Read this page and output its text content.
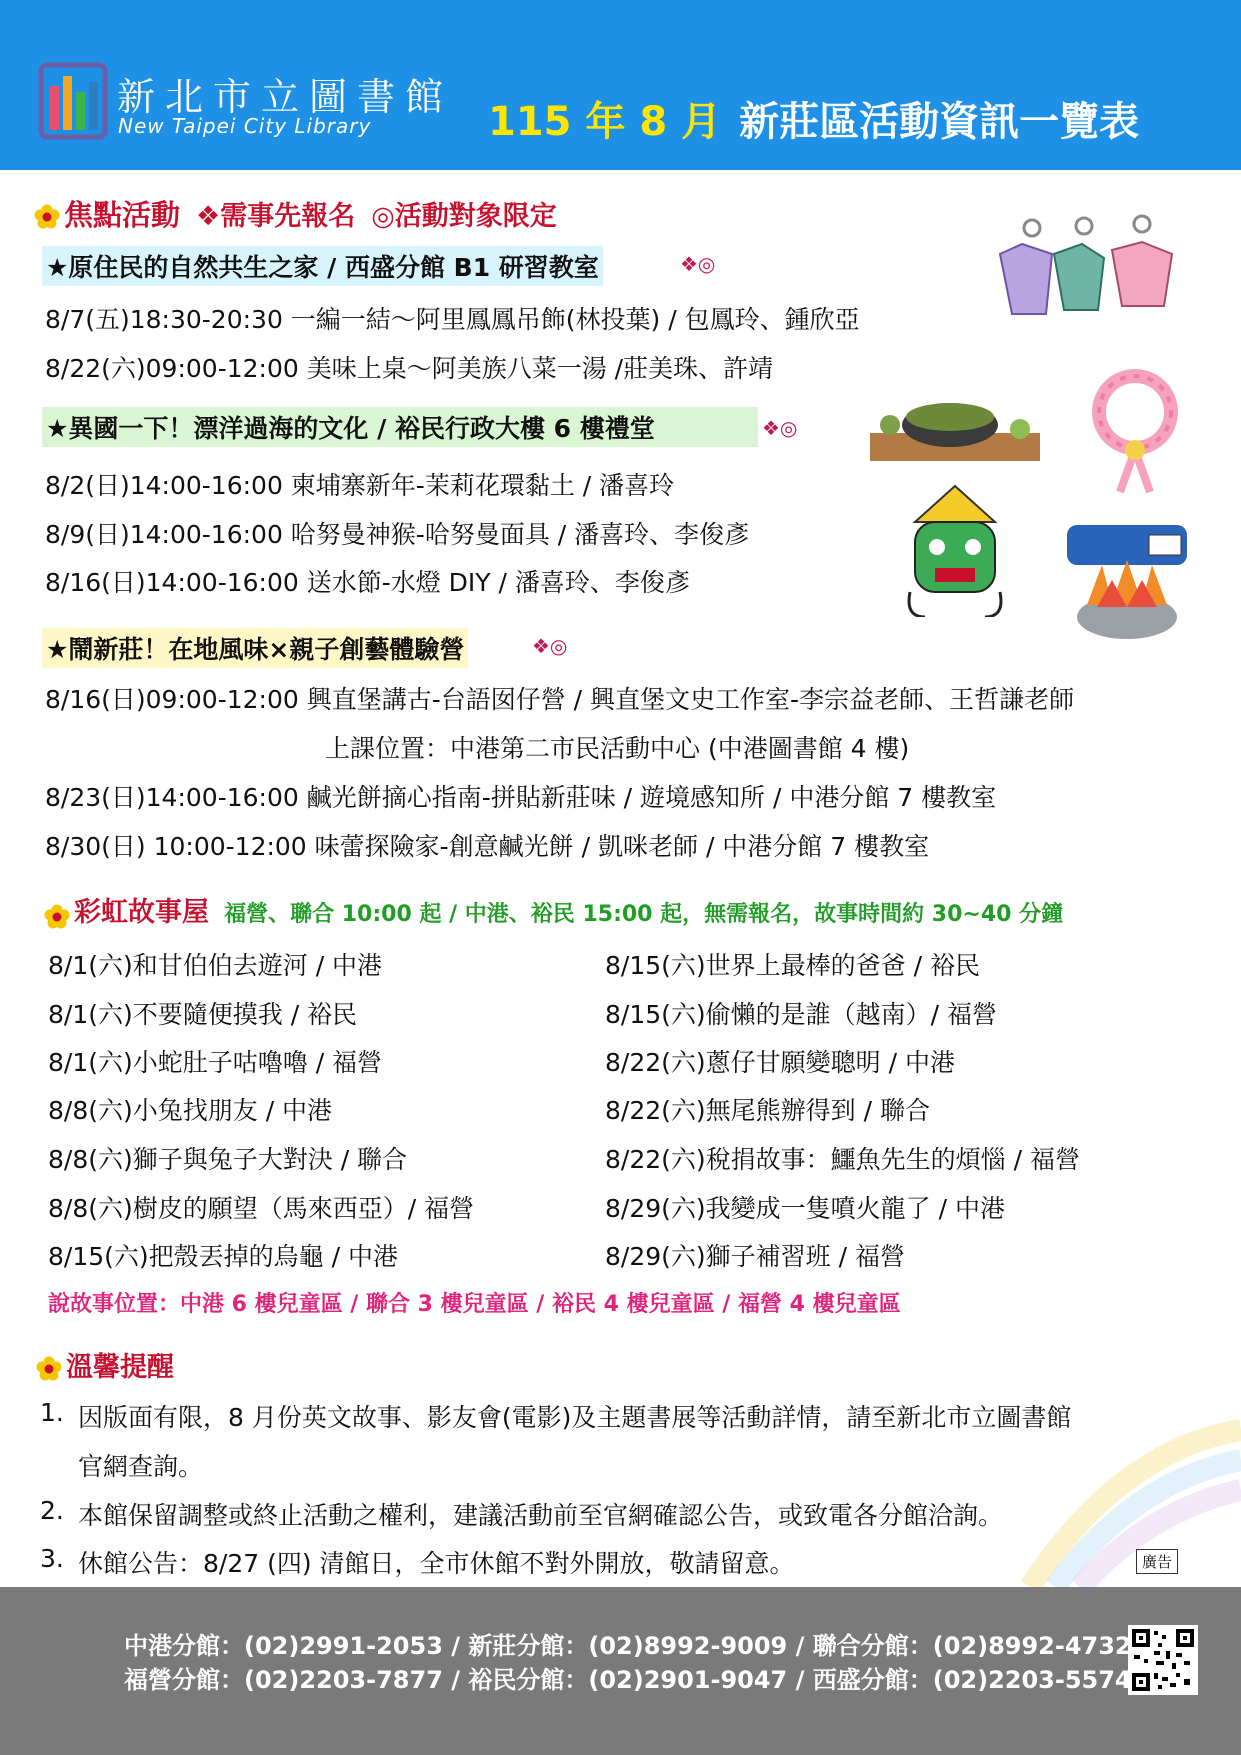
新北市立圖書館
New Taipei City Library	115 年 8 月 新莊區活動資訊一覽表
焦點活動 ❖需事先報名 ◎活動對象限定
★原住民的自然共生之家 / 西盛分館 B1 研習教室	❖◎
8/7(五)18:30-20:30 一編一結～阿里鳳鳳吊飾(林投葉) / 包鳳玲、鍾欣亞
8/22(六)09:00-12:00 美味上桌～阿美族八菜一湯 /莊美珠、許靖
★異國一下！漂洋過海的文化 / 裕民行政大樓 6 樓禮堂	❖◎
8/2(日)14:00-16:00 柬埔寨新年-茉莉花環黏土 / 潘喜玲
8/9(日)14:00-16:00 哈努曼神猴-哈努曼面具 / 潘喜玲、李俊彥
8/16(日)14:00-16:00 送水節-水燈 DIY / 潘喜玲、李俊彥
★鬧新莊！在地風味×親子創藝體驗營	❖◎
8/16(日)09:00-12:00 興直堡講古-台語囡仔營 / 興直堡文史工作室-李宗益老師、王哲謙老師
上課位置：中港第二市民活動中心 (中港圖書館 4 樓)
8/23(日)14:00-16:00 鹹光餅摘心指南-拼貼新莊味 / 遊境感知所 / 中港分館 7 樓教室
8/30(日) 10:00-12:00 味蕾探險家-創意鹹光餅 / 凱咪老師 / 中港分館 7 樓教室
彩虹故事屋 福營、聯合 10:00 起 / 中港、裕民 15:00 起，無需報名，故事時間約 30~40 分鐘
8/1(六)和甘伯伯去遊河 / 中港
8/1(六)不要隨便摸我 / 裕民
8/1(六)小蛇肚子咕嚕嚕 / 福營
8/8(六)小兔找朋友 / 中港
8/8(六)獅子與兔子大對決 / 聯合
8/8(六)樹皮的願望（馬來西亞）/ 福營
8/15(六)把殼丟掉的烏龜 / 中港
8/15(六)世界上最棒的爸爸 / 裕民
8/15(六)偷懶的是誰（越南）/ 福營
8/22(六)蔥仔甘願變聰明 / 中港
8/22(六)無尾熊辦得到 / 聯合
8/22(六)稅捐故事：鱷魚先生的煩惱 / 福營
8/29(六)我變成一隻噴火龍了 / 中港
8/29(六)獅子補習班 / 福營
說故事位置：中港 6 樓兒童區 / 聯合 3 樓兒童區 / 裕民 4 樓兒童區 / 福營 4 樓兒童區
溫馨提醒
1. 因版面有限，8 月份英文故事、影友會(電影)及主題書展等活動詳情，請至新北市立圖書館
官網查詢。
2. 本館保留調整或終止活動之權利，建議活動前至官網確認公告，或致電各分館洽詢。
3. 休館公告：8/27 (四) 清館日，全市休館不對外開放，敬請留意。	廣告
中港分館：(02)2991-2053 / 新莊分館：(02)8992-9009 / 聯合分館：(02)8992-4732
福營分館：(02)2203-7877 / 裕民分館：(02)2901-9047 / 西盛分館：(02)2203-5574
